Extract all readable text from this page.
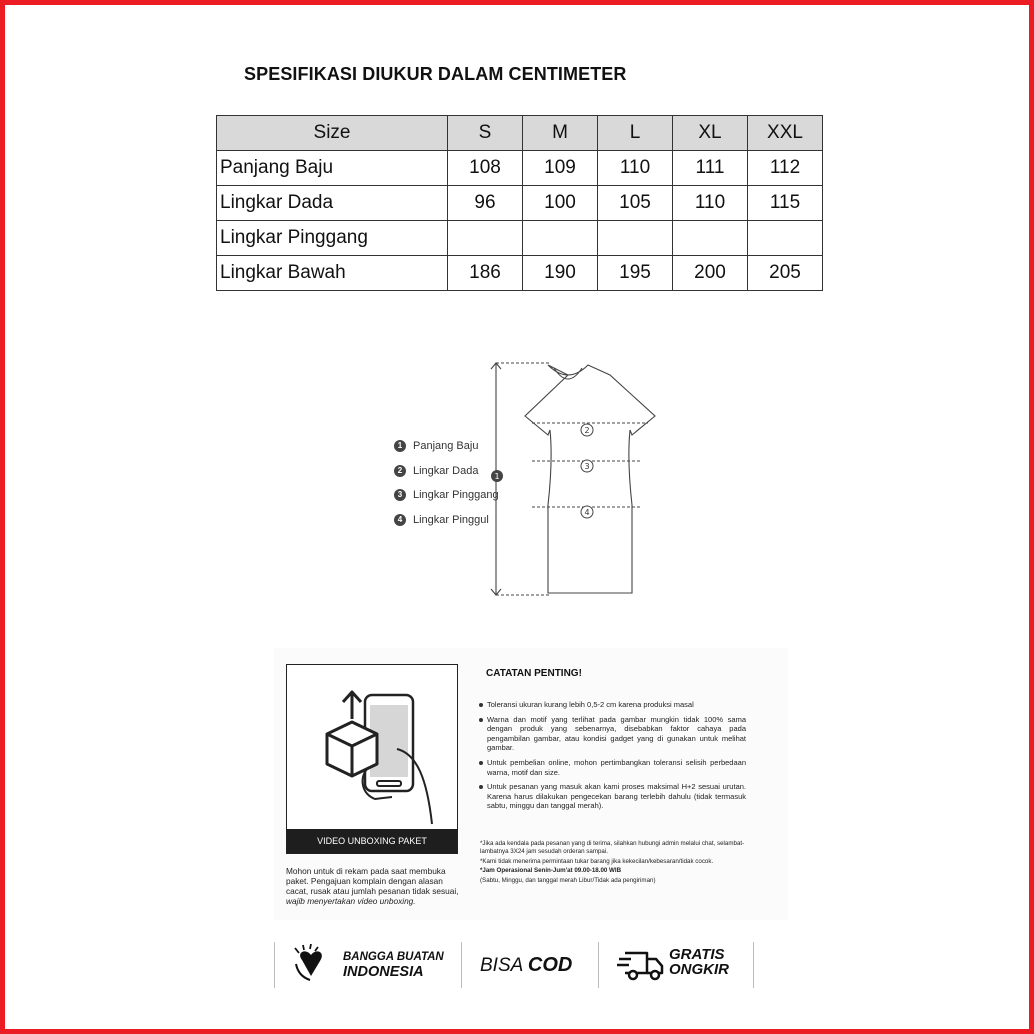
SPESIFIKASI DIUKUR DALAM CENTIMETER
Size	S	M	L	XL	XXL
Panjang Baju	108	109	110	111	112
Lingkar Dada	96	100	105	110	115
Lingkar Pinggang					
Lingkar Bawah	186	190	195	200	205
1 Panjang Baju
2 Lingkar Dada
3 Lingkar Pinggang
4 Lingkar Pinggul
1
2
3
4
VIDEO UNBOXING PAKET
Mohon untuk di rekam pada saat membuka
paket. Pengajuan komplain dengan alasan
cacat, rusak atau jumlah pesanan tidak sesuai,
wajib menyertakan video unboxing.
CATATAN PENTING!
Toleransi ukuran kurang lebih 0,5-2 cm karena produksi masal
Warna dan motif yang terlihat pada gambar mungkin tidak 100% sama dengan produk yang sebenarnya, disebabkan faktor cahaya pada pengambilan gambar, atau kondisi gadget yang di gunakan untuk melihat gambar.
Untuk pembelian online, mohon pertimbangkan toleransi selisih perbedaan warna, motif dan size.
Untuk pesanan yang masuk akan kami proses maksimal H+2 sesuai urutan. Karena harus dilakukan pengecekan barang terlebih dahulu (tidak termasuk sabtu, minggu dan tanggal merah).

*Jika ada kendala pada pesanan yang di terima, silahkan hubungi admin melalui chat, selambat-lambatnya 3X24 jam sesudah orderan sampai.

*Kami tidak menerima permintaan tukar barang jika kekecilan/kebesaran/tidak cocok.

*Jam Operasional Senin-Jum'at 09.00-18.00 WIB

(Sabtu, Minggu, dan tanggal merah Libur/Tidak ada pengiriman)

BANGGA BUATAN
INDONESIA	BISA COD	GRATIS
ONGKIR
